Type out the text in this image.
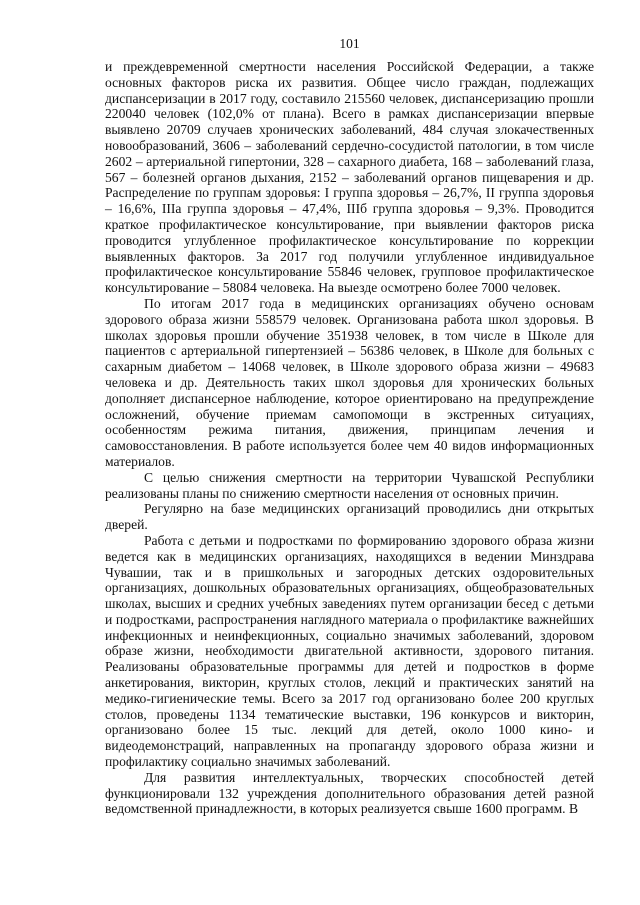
101

и преждевременной смертности населения Российской Федерации, а также основных факторов риска их развития. Общее число граждан, подлежащих диспансеризации в 2017 году, составило 215560 человек, диспансеризацию прошли 220040 человек (102,0% от плана). Всего в рамках диспансеризации впервые выявлено 20709 случаев хронических заболеваний, 484 случая злокачественных новообразований, 3606 – заболеваний сердечно-сосудистой патологии, в том числе 2602 – артериальной гипертонии, 328 – сахарного диабета, 168 – заболеваний глаза, 567 – болезней органов дыхания, 2152 – заболеваний органов пищеварения и др. Распределение по группам здоровья: I группа здоровья – 26,7%, II группа здоровья – 16,6%, IIIа группа здоровья – 47,4%, IIIб группа здоровья – 9,3%. Проводится краткое профилактическое консультирование, при выявлении факторов риска проводится углубленное профилактическое консультирование по коррекции выявленных факторов. За 2017 год получили углубленное индивидуальное профилактическое консультирование 55846 человек, групповое профилактическое консультирование – 58084 человека. На выезде осмотрено более 7000 человек.

По итогам 2017 года в медицинских организациях обучено основам здорового образа жизни 558579 человек. Организована работа школ здоровья. В школах здоровья прошли обучение 351938 человек, в том числе в Школе для пациентов с артериальной гипертензией – 56386 человек, в Школе для больных с сахарным диабетом – 14068 человек, в Школе здорового образа жизни – 49683 человека и др. Деятельность таких школ здоровья для хронических больных дополняет диспансерное наблюдение, которое ориентировано на предупреждение осложнений, обучение приемам самопомощи в экстренных ситуациях, особенностям режима питания, движения, принципам лечения и самовосстановления. В работе используется более чем 40 видов информационных материалов.

С целью снижения смертности на территории Чувашской Республики реализованы планы по снижению смертности населения от основных причин.

Регулярно на базе медицинских организаций проводились дни открытых дверей.

Работа с детьми и подростками по формированию здорового образа жизни ведется как в медицинских организациях, находящихся в ведении Минздрава Чувашии, так и в пришкольных и загородных детских оздоровительных организациях, дошкольных образовательных организациях, общеобразовательных школах, высших и средних учебных заведениях путем организации бесед с детьми и подростками, распространения наглядного материала о профилактике важнейших инфекционных и неинфекционных, социально значимых заболеваний, здоровом образе жизни, необходимости двигательной активности, здорового питания. Реализованы образовательные программы для детей и подростков в форме анкетирования, викторин, круглых столов, лекций и практических занятий на медико-гигиенические темы. Всего за 2017 год организовано более 200 круглых столов, проведены 1134 тематические выставки, 196 конкурсов и викторин, организовано более 15 тыс. лекций для детей, около 1000 кино- и видеодемонстраций, направленных на пропаганду здорового образа жизни и профилактику социально значимых заболеваний.

Для развития интеллектуальных, творческих способностей детей функционировали 132 учреждения дополнительного образования детей разной ведомственной принадлежности, в которых реализуется свыше 1600 программ. В
